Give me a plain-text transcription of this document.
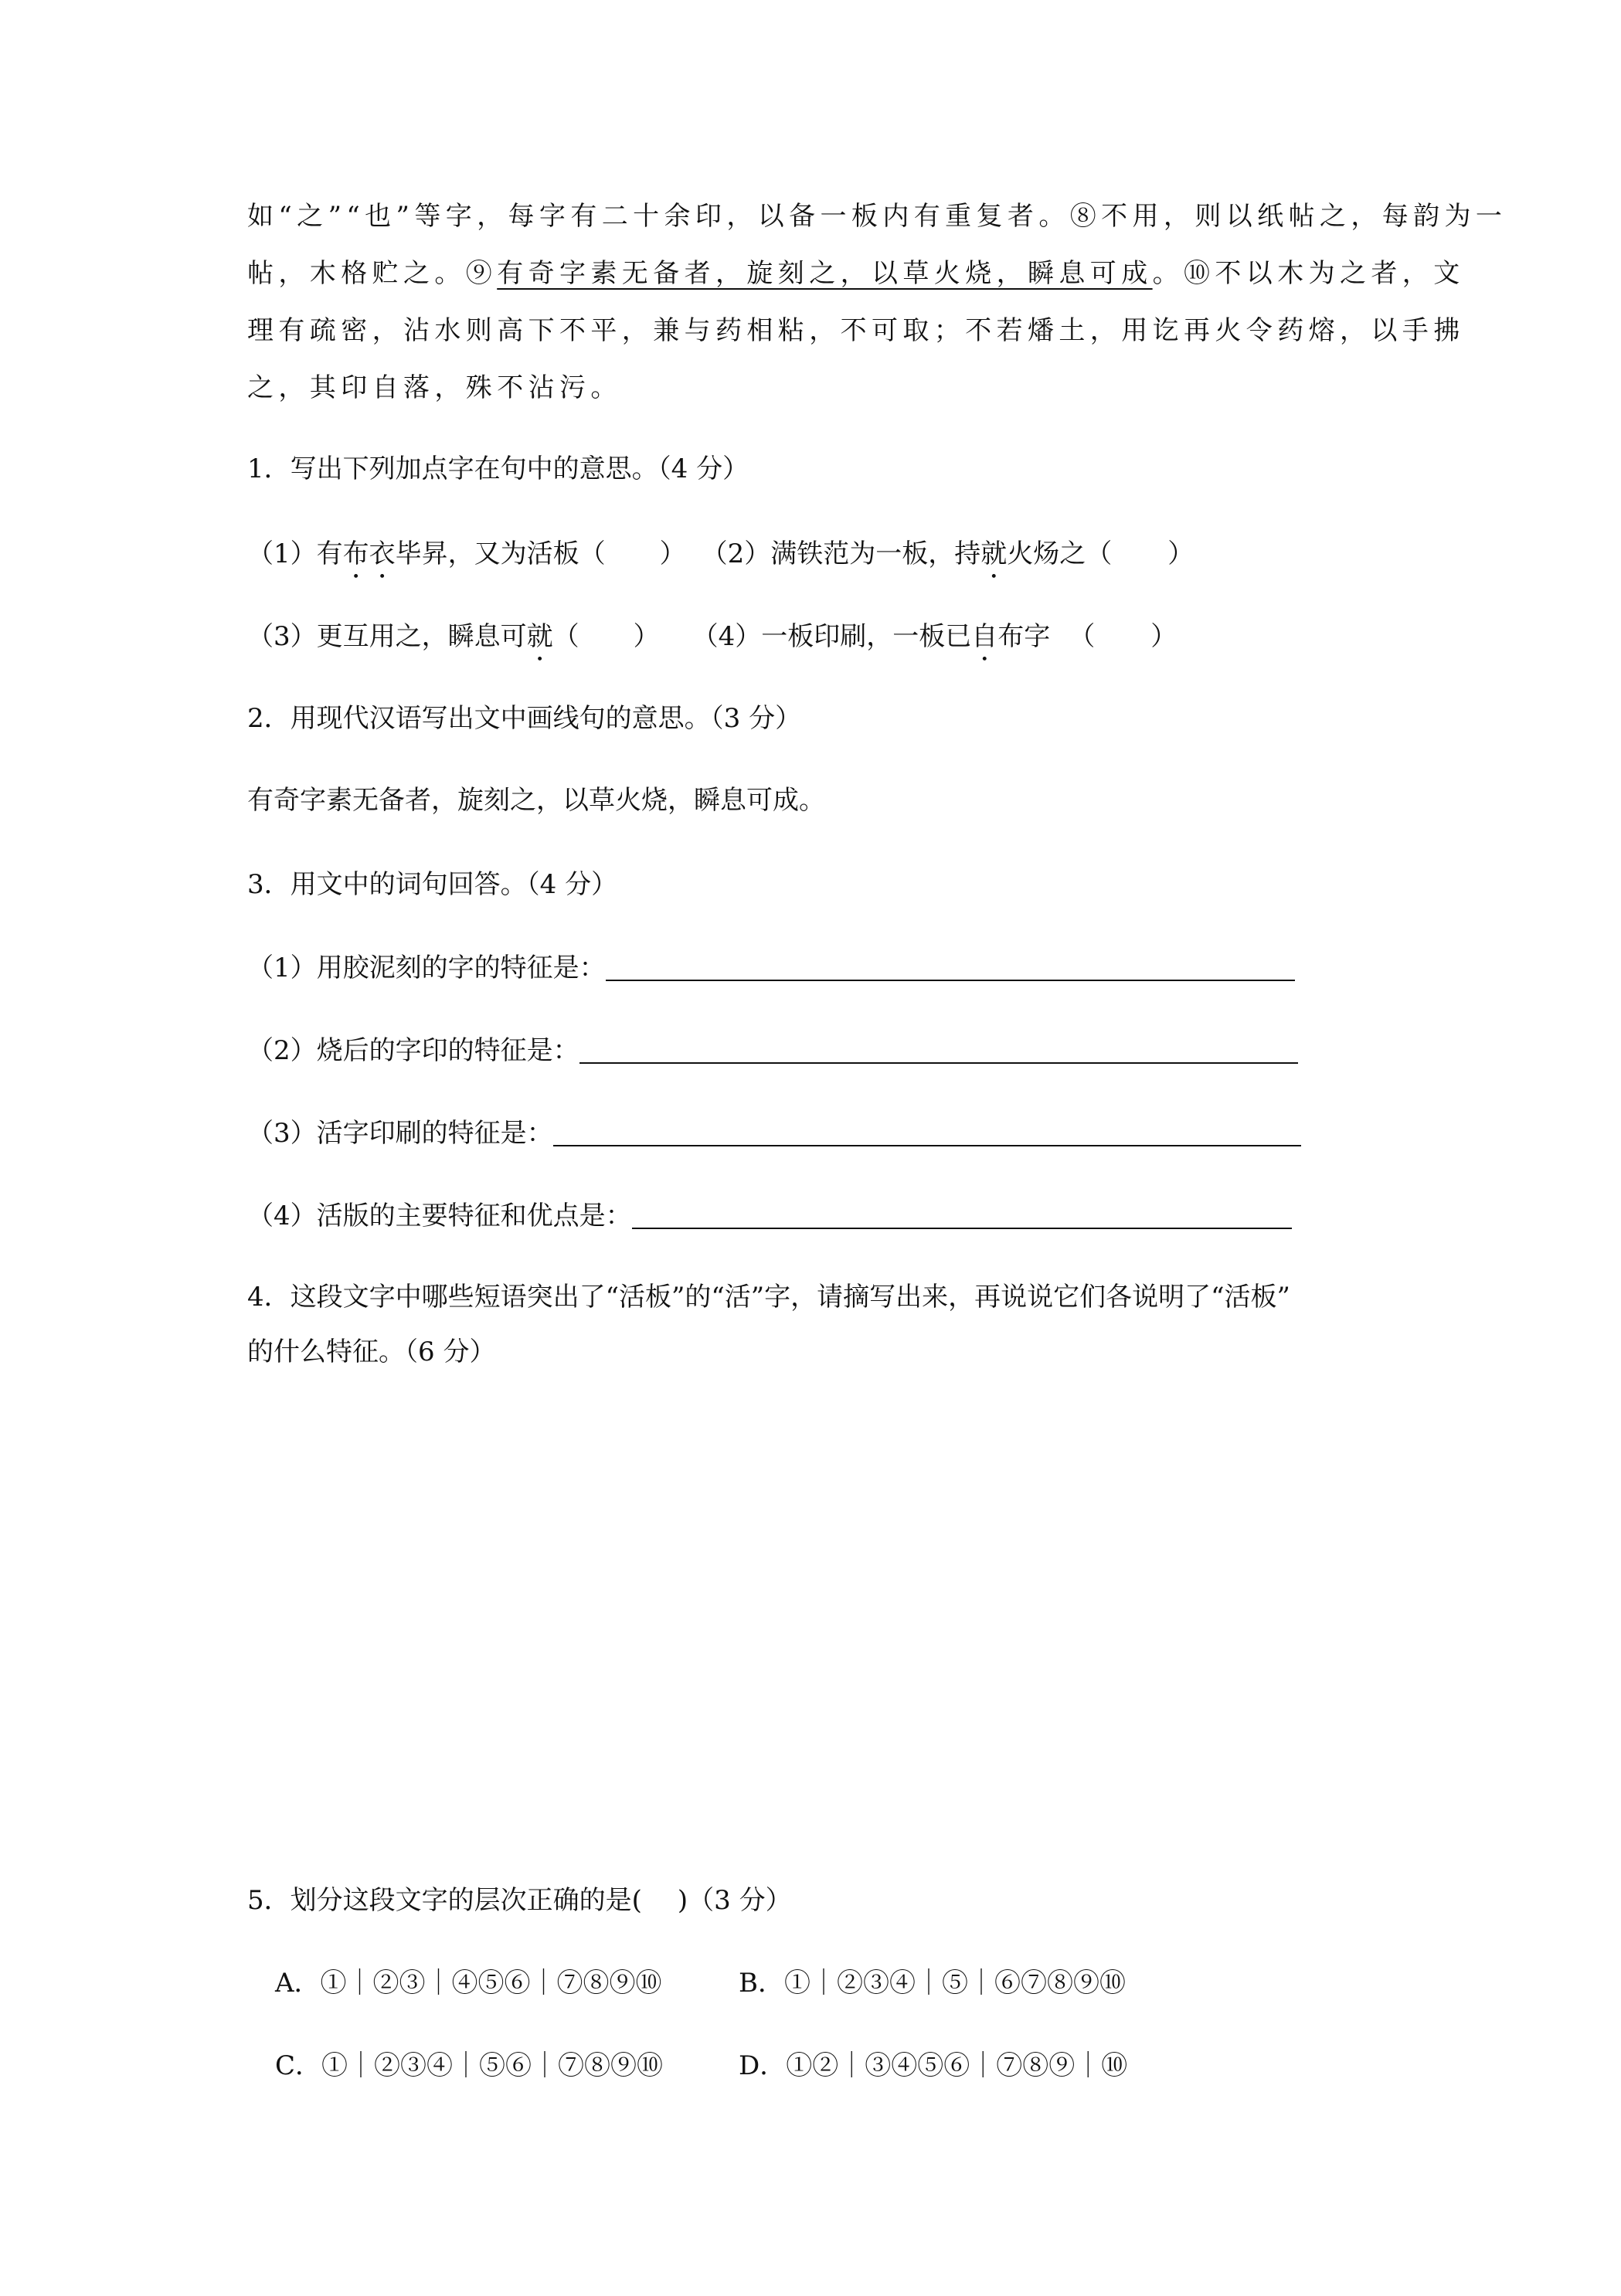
如“之”“也”等字，每字有二十余印，以备一板内有重复者。⑧不用，则以纸帖之，每韵为一
帖，木格贮之。⑨有奇字素无备者，旋刻之，以草火烧，瞬息可成。⑩不以木为之者，文
理有疏密，沾水则高下不平，兼与药相粘，不可取；不若燔土，用讫再火令药熔，以手拂
之，其印自落，殊不沾污。
1．写出下列加点字在句中的意思。（4 分）
（1）有布衣毕昇，又为活板（ ） （2）满铁范为一板，持就火炀之（ ）
（3）更互用之，瞬息可就（ ） （4）一板印刷，一板已自布字 （ ）
2．用现代汉语写出文中画线句的意思。（3 分）
有奇字素无备者，旋刻之，以草火烧，瞬息可成。
3．用文中的词句回答。（4 分）
（1）用胶泥刻的字的特征是：
（2）烧后的字印的特征是：
（3）活字印刷的特征是：
（4）活版的主要特征和优点是：
4．这段文字中哪些短语突出了“活板”的“活”字，请摘写出来，再说说它们各说明了“活板”
的什么特征。（6 分）
5．划分这段文字的层次正确的是( )（3 分）
A．①｜②③｜④⑤⑥｜⑦⑧⑨⑩	B．①｜②③④｜⑤｜⑥⑦⑧⑨⑩
C．①｜②③④｜⑤⑥｜⑦⑧⑨⑩	D．①②｜③④⑤⑥｜⑦⑧⑨｜⑩
